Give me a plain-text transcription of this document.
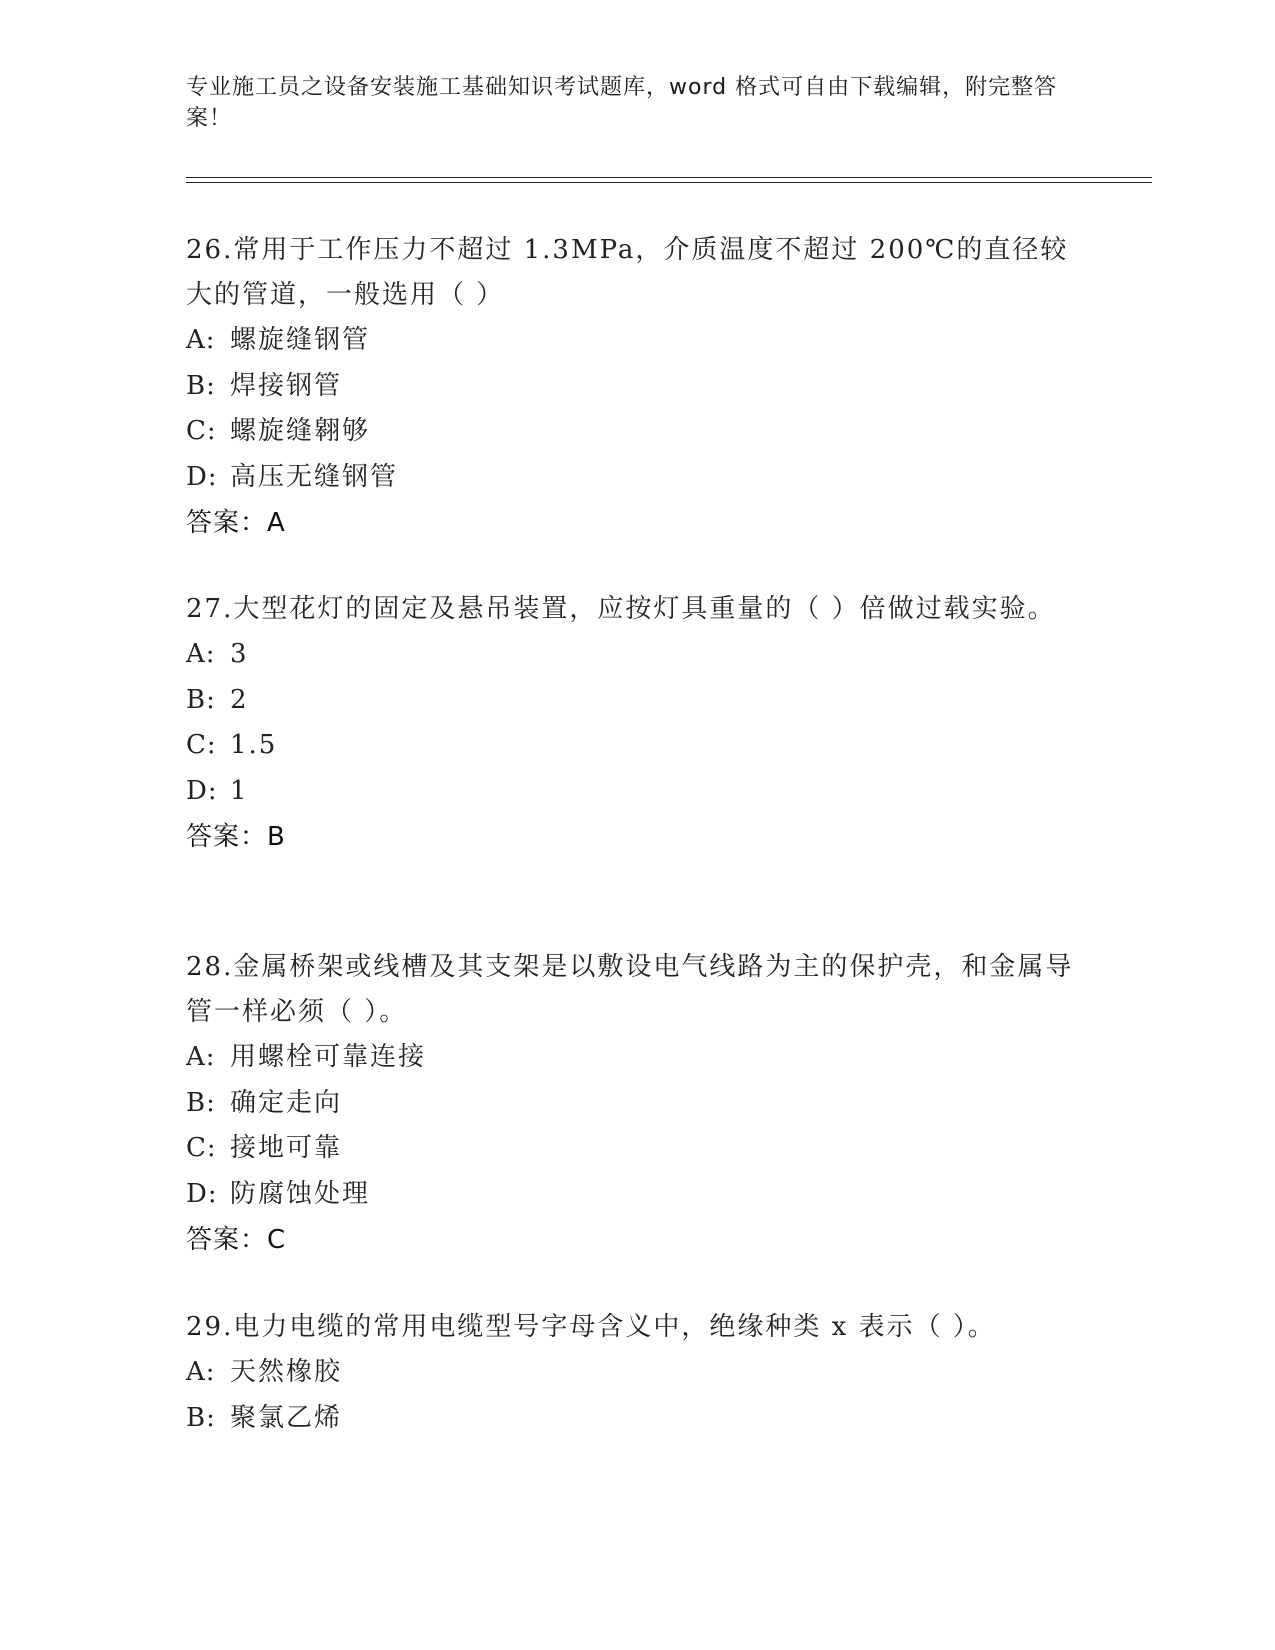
专业施工员之设备安装施工基础知识考试题库，word 格式可自由下载编辑，附完整答案！

26.常用于工作压力不超过 1.3MPa，介质温度不超过 200℃的直径较大的管道，一般选用（ ）

A: 螺旋缝钢管

B: 焊接钢管

C: 螺旋缝翱够

D: 高压无缝钢管

答案：A

27.大型花灯的固定及悬吊装置，应按灯具重量的（ ）倍做过载实验。

A: 3

B: 2

C: 1.5

D: 1

答案：B

28.金属桥架或线槽及其支架是以敷设电气线路为主的保护壳，和金属导管一样必须（ ）。

A: 用螺栓可靠连接

B: 确定走向

C: 接地可靠

D: 防腐蚀处理

答案：C

29.电力电缆的常用电缆型号字母含义中，绝缘种类 x 表示（ ）。

A: 天然橡胶

B: 聚氯乙烯
